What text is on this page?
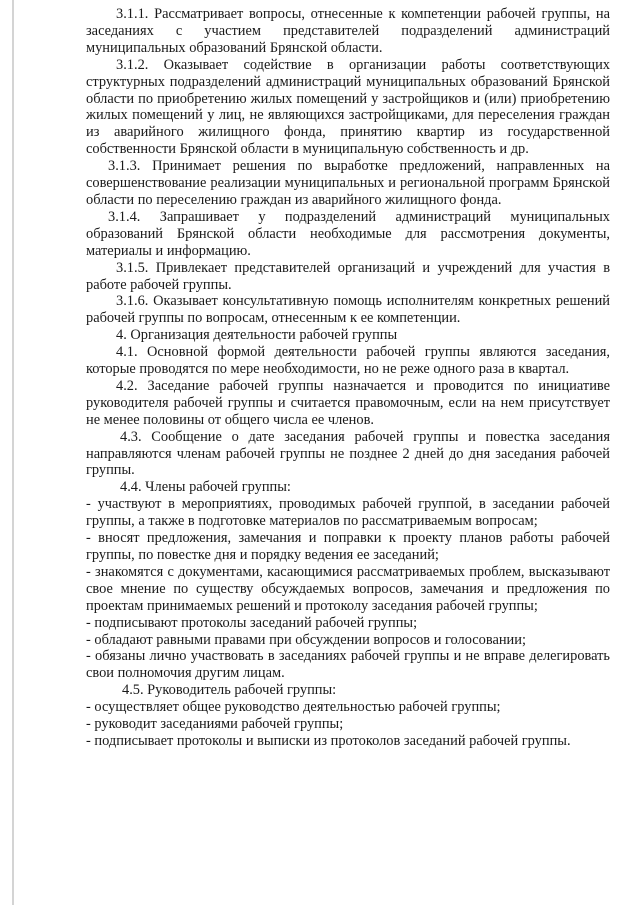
3.1.1. Рассматривает вопросы, отнесенные к компетенции рабочей группы, на заседаниях с участием представителей подразделений администраций муниципальных образований Брянской области.

3.1.2. Оказывает содействие в организации работы соответствующих структурных подразделений администраций муниципальных образований Брянской области по приобретению жилых помещений у застройщиков и (или) приобретению жилых помещений у лиц, не являющихся застройщиками, для переселения граждан из аварийного жилищного фонда, принятию квартир из государственной собственности Брянской области в муниципальную собственность и др.

3.1.3. Принимает решения по выработке предложений, направленных на совершенствование реализации муниципальных и региональной программ Брянской области по переселению граждан из аварийного жилищного фонда.

3.1.4. Запрашивает у подразделений администраций муниципальных образований Брянской области необходимые для рассмотрения документы, материалы и информацию.

3.1.5. Привлекает представителей организаций и учреждений для участия в работе рабочей группы.

3.1.6. Оказывает консультативную помощь исполнителям конкретных решений рабочей группы по вопросам, отнесенным к ее компетенции.

4. Организация деятельности рабочей группы

4.1. Основной формой деятельности рабочей группы являются заседания, которые проводятся по мере необходимости, но не реже одного раза в квартал.

4.2. Заседание рабочей группы назначается и проводится по инициативе руководителя рабочей группы и считается правомочным, если на нем присутствует не менее половины от общего числа ее членов.

4.3. Сообщение о дате заседания рабочей группы и повестка заседания направляются членам рабочей группы не позднее 2 дней до дня заседания рабочей группы.

4.4. Члены рабочей группы:

- участвуют в мероприятиях, проводимых рабочей группой, в заседании рабочей группы, а также в подготовке материалов по рассматриваемым вопросам;

- вносят предложения, замечания и поправки к проекту планов работы рабочей группы, по повестке дня и порядку ведения ее заседаний;

- знакомятся с документами, касающимися рассматриваемых проблем, высказывают свое мнение по существу обсуждаемых вопросов, замечания и предложения по проектам принимаемых решений и протоколу заседания рабочей группы;

- подписывают протоколы заседаний рабочей группы;

- обладают равными правами при обсуждении вопросов и голосовании;

- обязаны лично участвовать в заседаниях рабочей группы и не вправе делегировать свои полномочия другим лицам.

4.5. Руководитель рабочей группы:

- осуществляет общее руководство деятельностью рабочей группы;

- руководит заседаниями рабочей группы;

- подписывает протоколы и выписки из протоколов заседаний рабочей группы.
